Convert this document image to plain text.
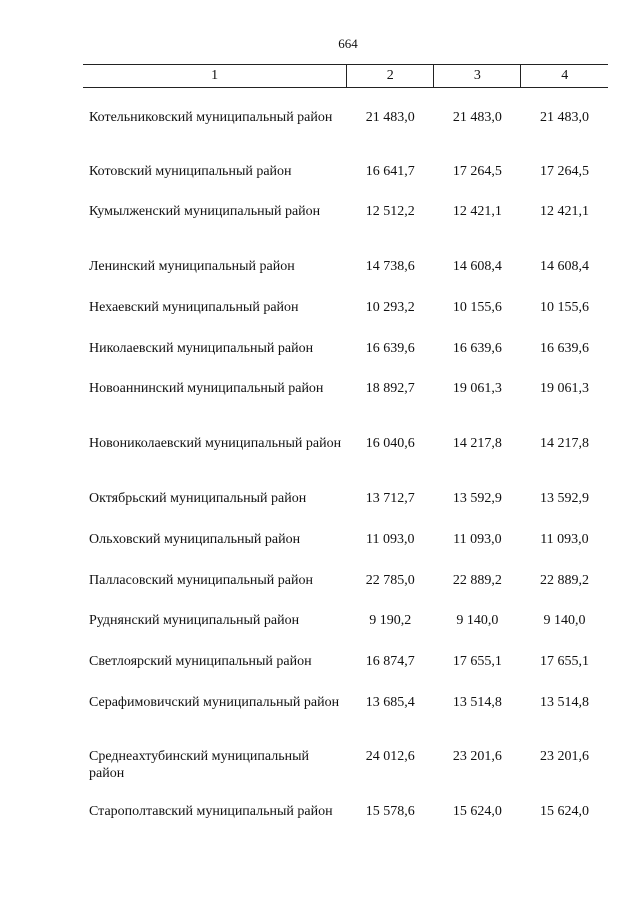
664
1	2	3	4
Котельниковский муниципальный район	21 483,0	21 483,0	21 483,0
Котовский муниципальный район	16 641,7	17 264,5	17 264,5
Кумылженский муниципальный район	12 512,2	12 421,1	12 421,1
Ленинский муниципальный район	14 738,6	14 608,4	14 608,4
Нехаевский муниципальный район	10 293,2	10 155,6	10 155,6
Николаевский муниципальный район	16 639,6	16 639,6	16 639,6
Новоаннинский муниципальный район	18 892,7	19 061,3	19 061,3
Новониколаевский муниципальный район	16 040,6	14 217,8	14 217,8
Октябрьский муниципальный район	13 712,7	13 592,9	13 592,9
Ольховский муниципальный район	11 093,0	11 093,0	11 093,0
Палласовский муниципальный район	22 785,0	22 889,2	22 889,2
Руднянский муниципальный район	9 190,2	9 140,0	9 140,0
Светлоярский муниципальный район	16 874,7	17 655,1	17 655,1
Серафимовичский муниципальный район	13 685,4	13 514,8	13 514,8
Среднеахтубинский муниципальный район	24 012,6	23 201,6	23 201,6
Старополтавский муниципальный район	15 578,6	15 624,0	15 624,0
